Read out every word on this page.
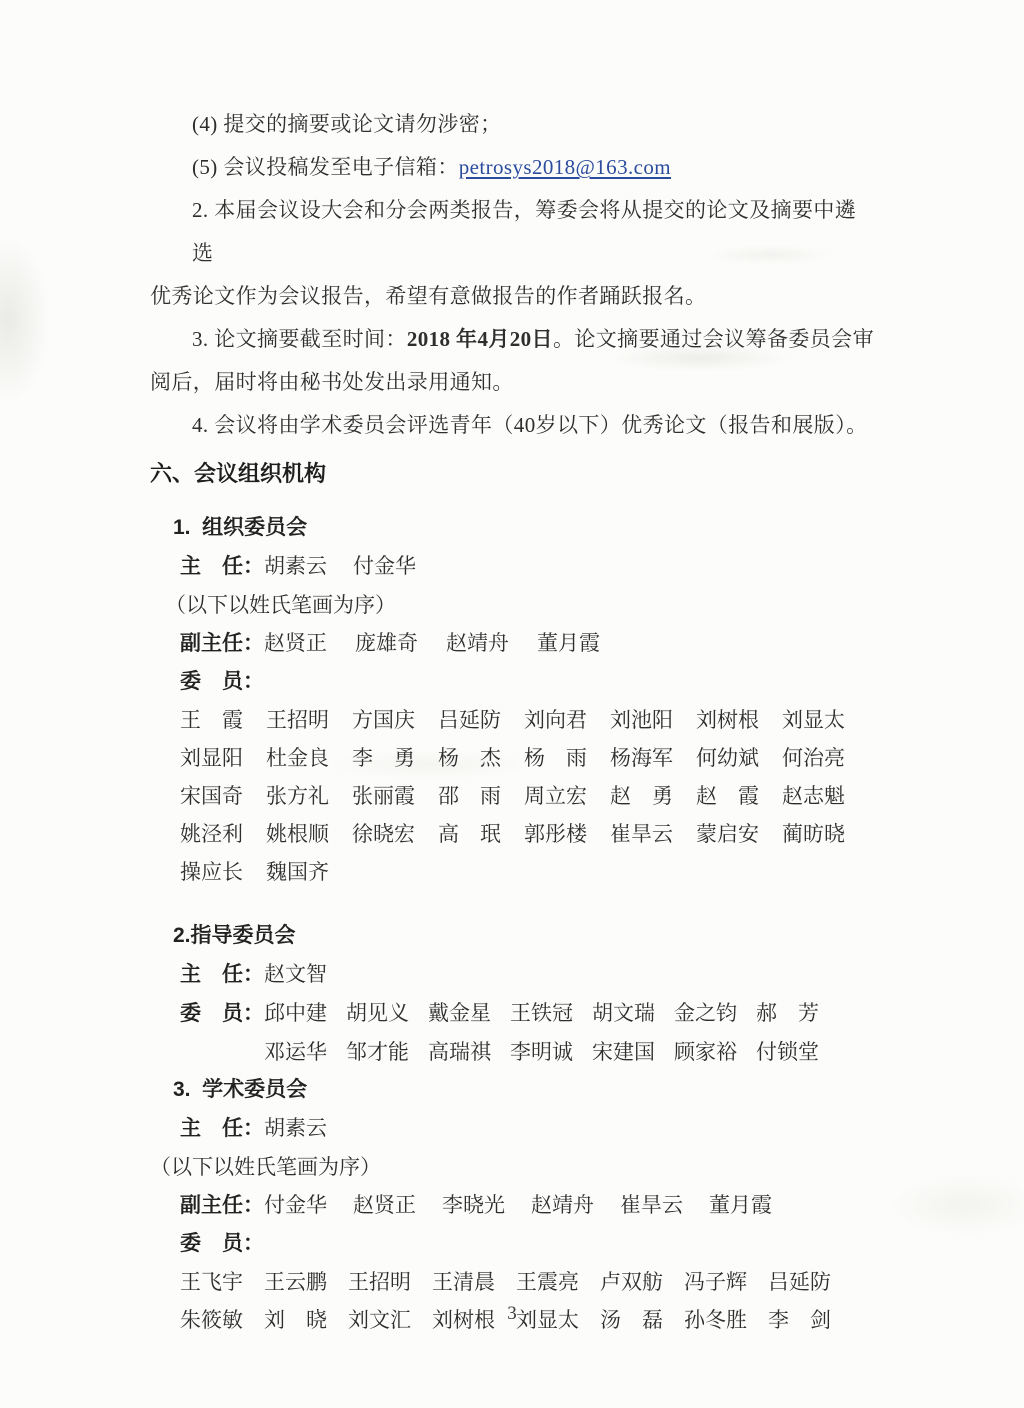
(4) 提交的摘要或论文请勿涉密；
(5) 会议投稿发至电子信箱：petrosys2018@163.com
2. 本届会议设大会和分会两类报告，筹委会将从提交的论文及摘要中遴选
优秀论文作为会议报告，希望有意做报告的作者踊跃报名。
3. 论文摘要截至时间：2018 年4月20日。论文摘要通过会议筹备委员会审
阅后，届时将由秘书处发出录用通知。
4. 会议将由学术委员会评选青年（40岁以下）优秀论文（报告和展版）。
六、会议组织机构
1.  组织委员会
主　任： 胡素云 付金华
（以下以姓氏笔画为序）
副主任： 赵贤正 庞雄奇 赵靖舟 董月霞
委　员：
王　霞 王招明 方国庆 吕延防 刘向君 刘池阳 刘树根 刘显太
刘显阳 杜金良 李　勇 杨　杰 杨　雨 杨海军 何幼斌 何治亮
宋国奇 张方礼 张丽霞 邵　雨 周立宏 赵　勇 赵　霞 赵志魁
姚泾利 姚根顺 徐晓宏 高　珉 郭彤楼 崔旱云 蒙启安 蔺昉晓
操应长 魏国齐
2.指导委员会
主　任： 赵文智
委　员： 邱中建 胡见义 戴金星 王铁冠 胡文瑞 金之钧 郝　芳
邓运华 邹才能 高瑞祺 李明诚 宋建国 顾家裕 付锁堂
3.  学术委员会
主　任： 胡素云
（以下以姓氏笔画为序）
副主任： 付金华 赵贤正 李晓光 赵靖舟 崔旱云 董月霞
委　员：
王飞宇 王云鹏 王招明 王清晨 王震亮 卢双舫 冯子辉 吕延防
朱筱敏 刘　晓 刘文汇 刘树根 刘显太 汤　磊 孙冬胜 李　剑
3
